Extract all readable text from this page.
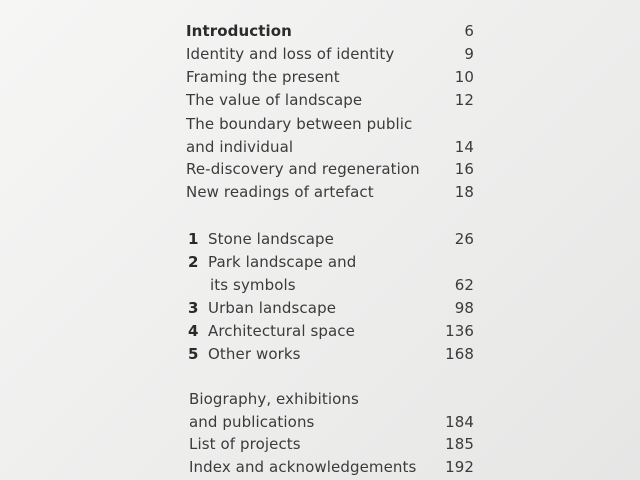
Introduction	6
Identity and loss of identity	9
Framing the present	10
The value of landscape	12
The boundary between public
and individual	14
Re-discovery and regeneration 16
New readings of artefact	18
1 Stone landscape	26
2 Park landscape and
its symbols	62
3 Urban landscape	98
4 Architectural space	136
5 Other works	168
Biography, exhibitions
and publications	184
List of projects	185
Index and acknowledgements 192
